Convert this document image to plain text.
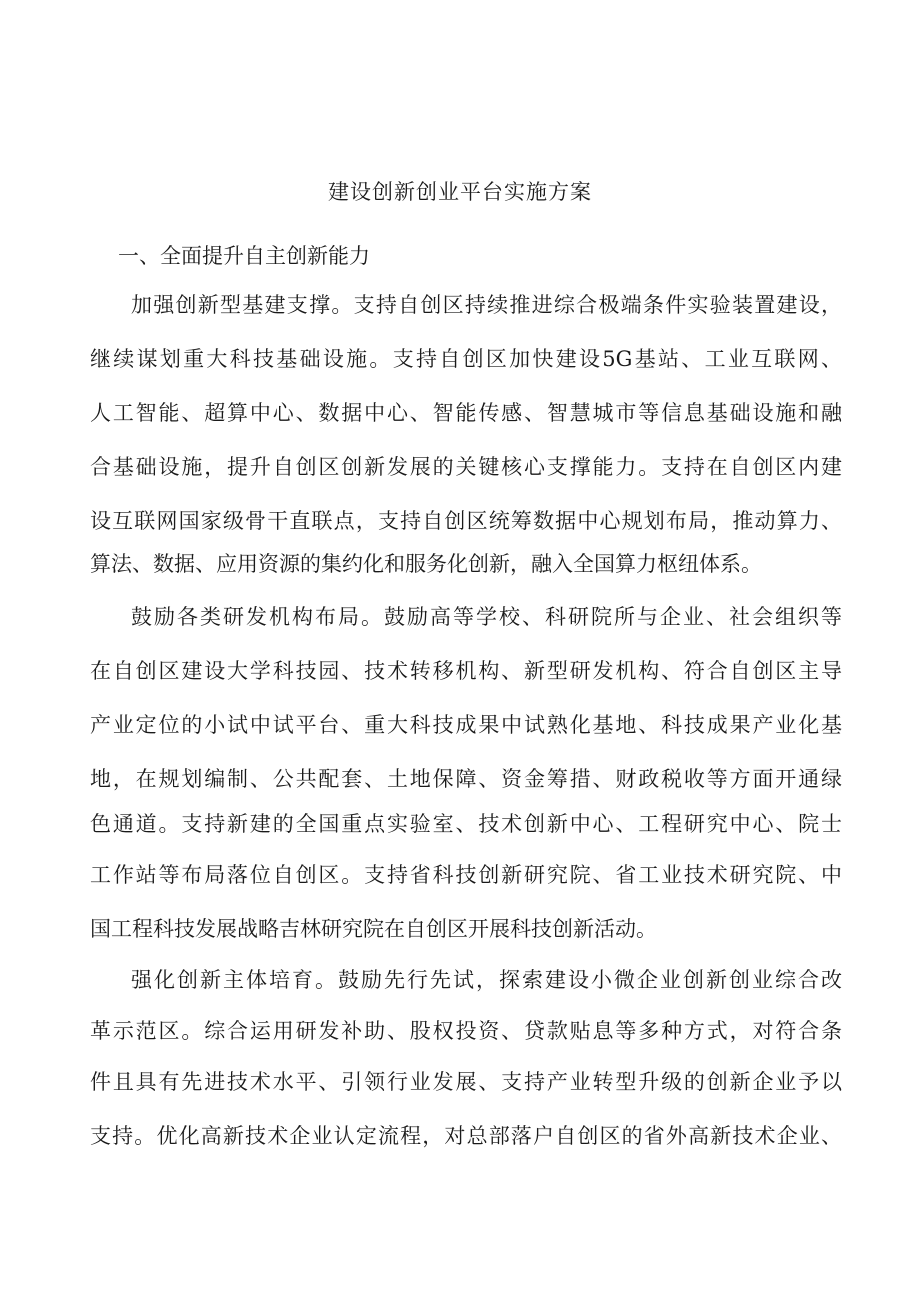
建设创新创业平台实施方案
一、全面提升自主创新能力
加强创新型基建支撑。支持自创区持续推进综合极端条件实验装置建设，
继续谋划重大科技基础设施。支持自创区加快建设5G基站、工业互联网、
人工智能、超算中心、数据中心、智能传感、智慧城市等信息基础设施和融
合基础设施，提升自创区创新发展的关键核心支撑能力。支持在自创区内建
设互联网国家级骨干直联点，支持自创区统筹数据中心规划布局，推动算力、
算法、数据、应用资源的集约化和服务化创新，融入全国算力枢纽体系。
鼓励各类研发机构布局。鼓励高等学校、科研院所与企业、社会组织等
在自创区建设大学科技园、技术转移机构、新型研发机构、符合自创区主导
产业定位的小试中试平台、重大科技成果中试熟化基地、科技成果产业化基
地，在规划编制、公共配套、土地保障、资金筹措、财政税收等方面开通绿
色通道。支持新建的全国重点实验室、技术创新中心、工程研究中心、院士
工作站等布局落位自创区。支持省科技创新研究院、省工业技术研究院、中
国工程科技发展战略吉林研究院在自创区开展科技创新活动。
强化创新主体培育。鼓励先行先试，探索建设小微企业创新创业综合改
革示范区。综合运用研发补助、股权投资、贷款贴息等多种方式，对符合条
件且具有先进技术水平、引领行业发展、支持产业转型升级的创新企业予以
支持。优化高新技术企业认定流程，对总部落户自创区的省外高新技术企业、
